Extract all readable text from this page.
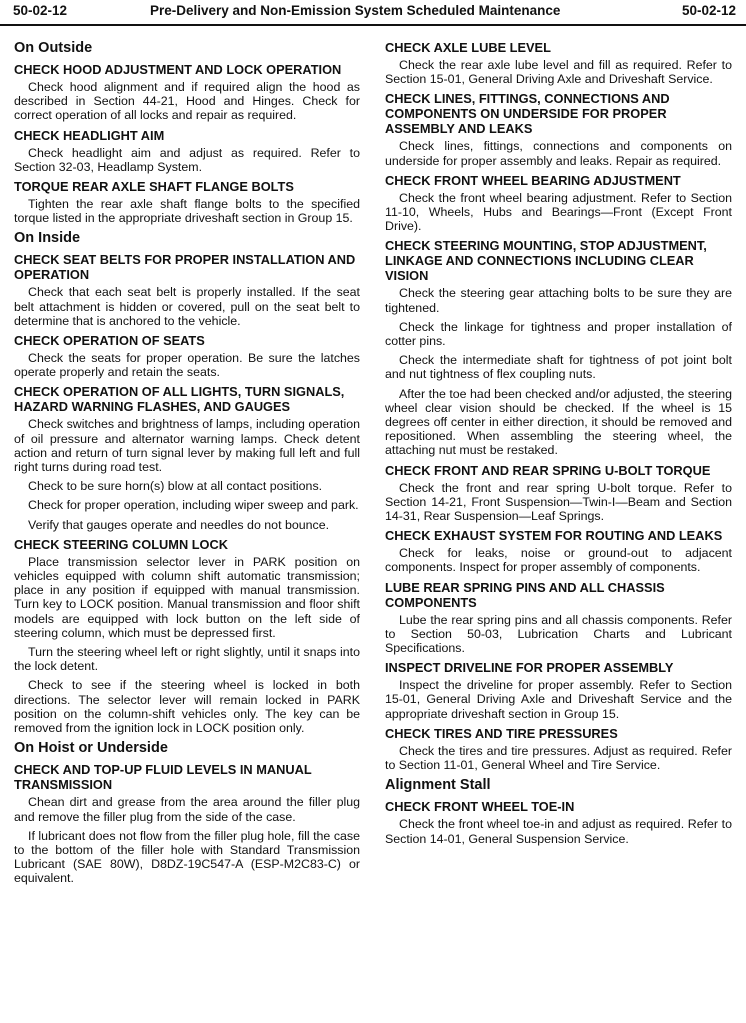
50-02-12	Pre-Delivery and Non-Emission System Scheduled Maintenance	50-02-12
On Outside
CHECK HOOD ADJUSTMENT AND LOCK OPERATION
Check hood alignment and if required align the hood as described in Section 44-21, Hood and Hinges. Check for correct operation of all locks and repair as required.
CHECK HEADLIGHT AIM
Check headlight aim and adjust as required. Refer to Section 32-03, Headlamp System.
TORQUE REAR AXLE SHAFT FLANGE BOLTS
Tighten the rear axle shaft flange bolts to the specified torque listed in the appropriate driveshaft section in Group 15.
On Inside
CHECK SEAT BELTS FOR PROPER INSTALLATION AND OPERATION
Check that each seat belt is properly installed. If the seat belt attachment is hidden or covered, pull on the seat belt to determine that is anchored to the vehicle.
CHECK OPERATION OF SEATS
Check the seats for proper operation. Be sure the latches operate properly and retain the seats.
CHECK OPERATION OF ALL LIGHTS, TURN SIGNALS, HAZARD WARNING FLASHES, AND GAUGES
Check switches and brightness of lamps, including operation of oil pressure and alternator warning lamps. Check detent action and return of turn signal lever by making full left and full right turns during road test.
Check to be sure horn(s) blow at all contact positions.
Check for proper operation, including wiper sweep and park.
Verify that gauges operate and needles do not bounce.
CHECK STEERING COLUMN LOCK
Place transmission selector lever in PARK position on vehicles equipped with column shift automatic transmission; place in any position if equipped with manual transmission. Turn key to LOCK position. Manual transmission and floor shift models are equipped with lock button on the left side of steering column, which must be depressed first.
Turn the steering wheel left or right slightly, until it snaps into the lock detent.
Check to see if the steering wheel is locked in both directions. The selector lever will remain locked in PARK position on the column-shift vehicles only. The key can be removed from the ignition lock in LOCK position only.
On Hoist or Underside
CHECK AND TOP-UP FLUID LEVELS IN MANUAL TRANSMISSION
Chean dirt and grease from the area around the filler plug and remove the filler plug from the side of the case.
If lubricant does not flow from the filler plug hole, fill the case to the bottom of the filler hole with Standard Transmission Lubricant (SAE 80W), D8DZ-19C547-A (ESP-M2C83-C) or equivalent.
CHECK AXLE LUBE LEVEL
Check the rear axle lube level and fill as required. Refer to Section 15-01, General Driving Axle and Driveshaft Service.
CHECK LINES, FITTINGS, CONNECTIONS AND COMPONENTS ON UNDERSIDE FOR PROPER ASSEMBLY AND LEAKS
Check lines, fittings, connections and components on underside for proper assembly and leaks. Repair as required.
CHECK FRONT WHEEL BEARING ADJUSTMENT
Check the front wheel bearing adjustment. Refer to Section 11-10, Wheels, Hubs and Bearings—Front (Except Front Drive).
CHECK STEERING MOUNTING, STOP ADJUSTMENT, LINKAGE AND CONNECTIONS INCLUDING CLEAR VISION
Check the steering gear attaching bolts to be sure they are tightened.
Check the linkage for tightness and proper installation of cotter pins.
Check the intermediate shaft for tightness of pot joint bolt and nut tightness of flex coupling nuts.
After the toe had been checked and/or adjusted, the steering wheel clear vision should be checked. If the wheel is 15 degrees off center in either direction, it should be removed and repositioned. When assembling the steering wheel, the attaching nut must be restaked.
CHECK FRONT AND REAR SPRING U-BOLT TORQUE
Check the front and rear spring U-bolt torque. Refer to Section 14-21, Front Suspension—Twin-I—Beam and Section 14-31, Rear Suspension—Leaf Springs.
CHECK EXHAUST SYSTEM FOR ROUTING AND LEAKS
Check for leaks, noise or ground-out to adjacent components. Inspect for proper assembly of components.
LUBE REAR SPRING PINS AND ALL CHASSIS COMPONENTS
Lube the rear spring pins and all chassis components. Refer to Section 50-03, Lubrication Charts and Lubricant Specifications.
INSPECT DRIVELINE FOR PROPER ASSEMBLY
Inspect the driveline for proper assembly. Refer to Section 15-01, General Driving Axle and Driveshaft Service and the appropriate driveshaft section in Group 15.
CHECK TIRES AND TIRE PRESSURES
Check the tires and tire pressures. Adjust as required. Refer to Section 11-01, General Wheel and Tire Service.
Alignment Stall
CHECK FRONT WHEEL TOE-IN
Check the front wheel toe-in and adjust as required. Refer to Section 14-01, General Suspension Service.
